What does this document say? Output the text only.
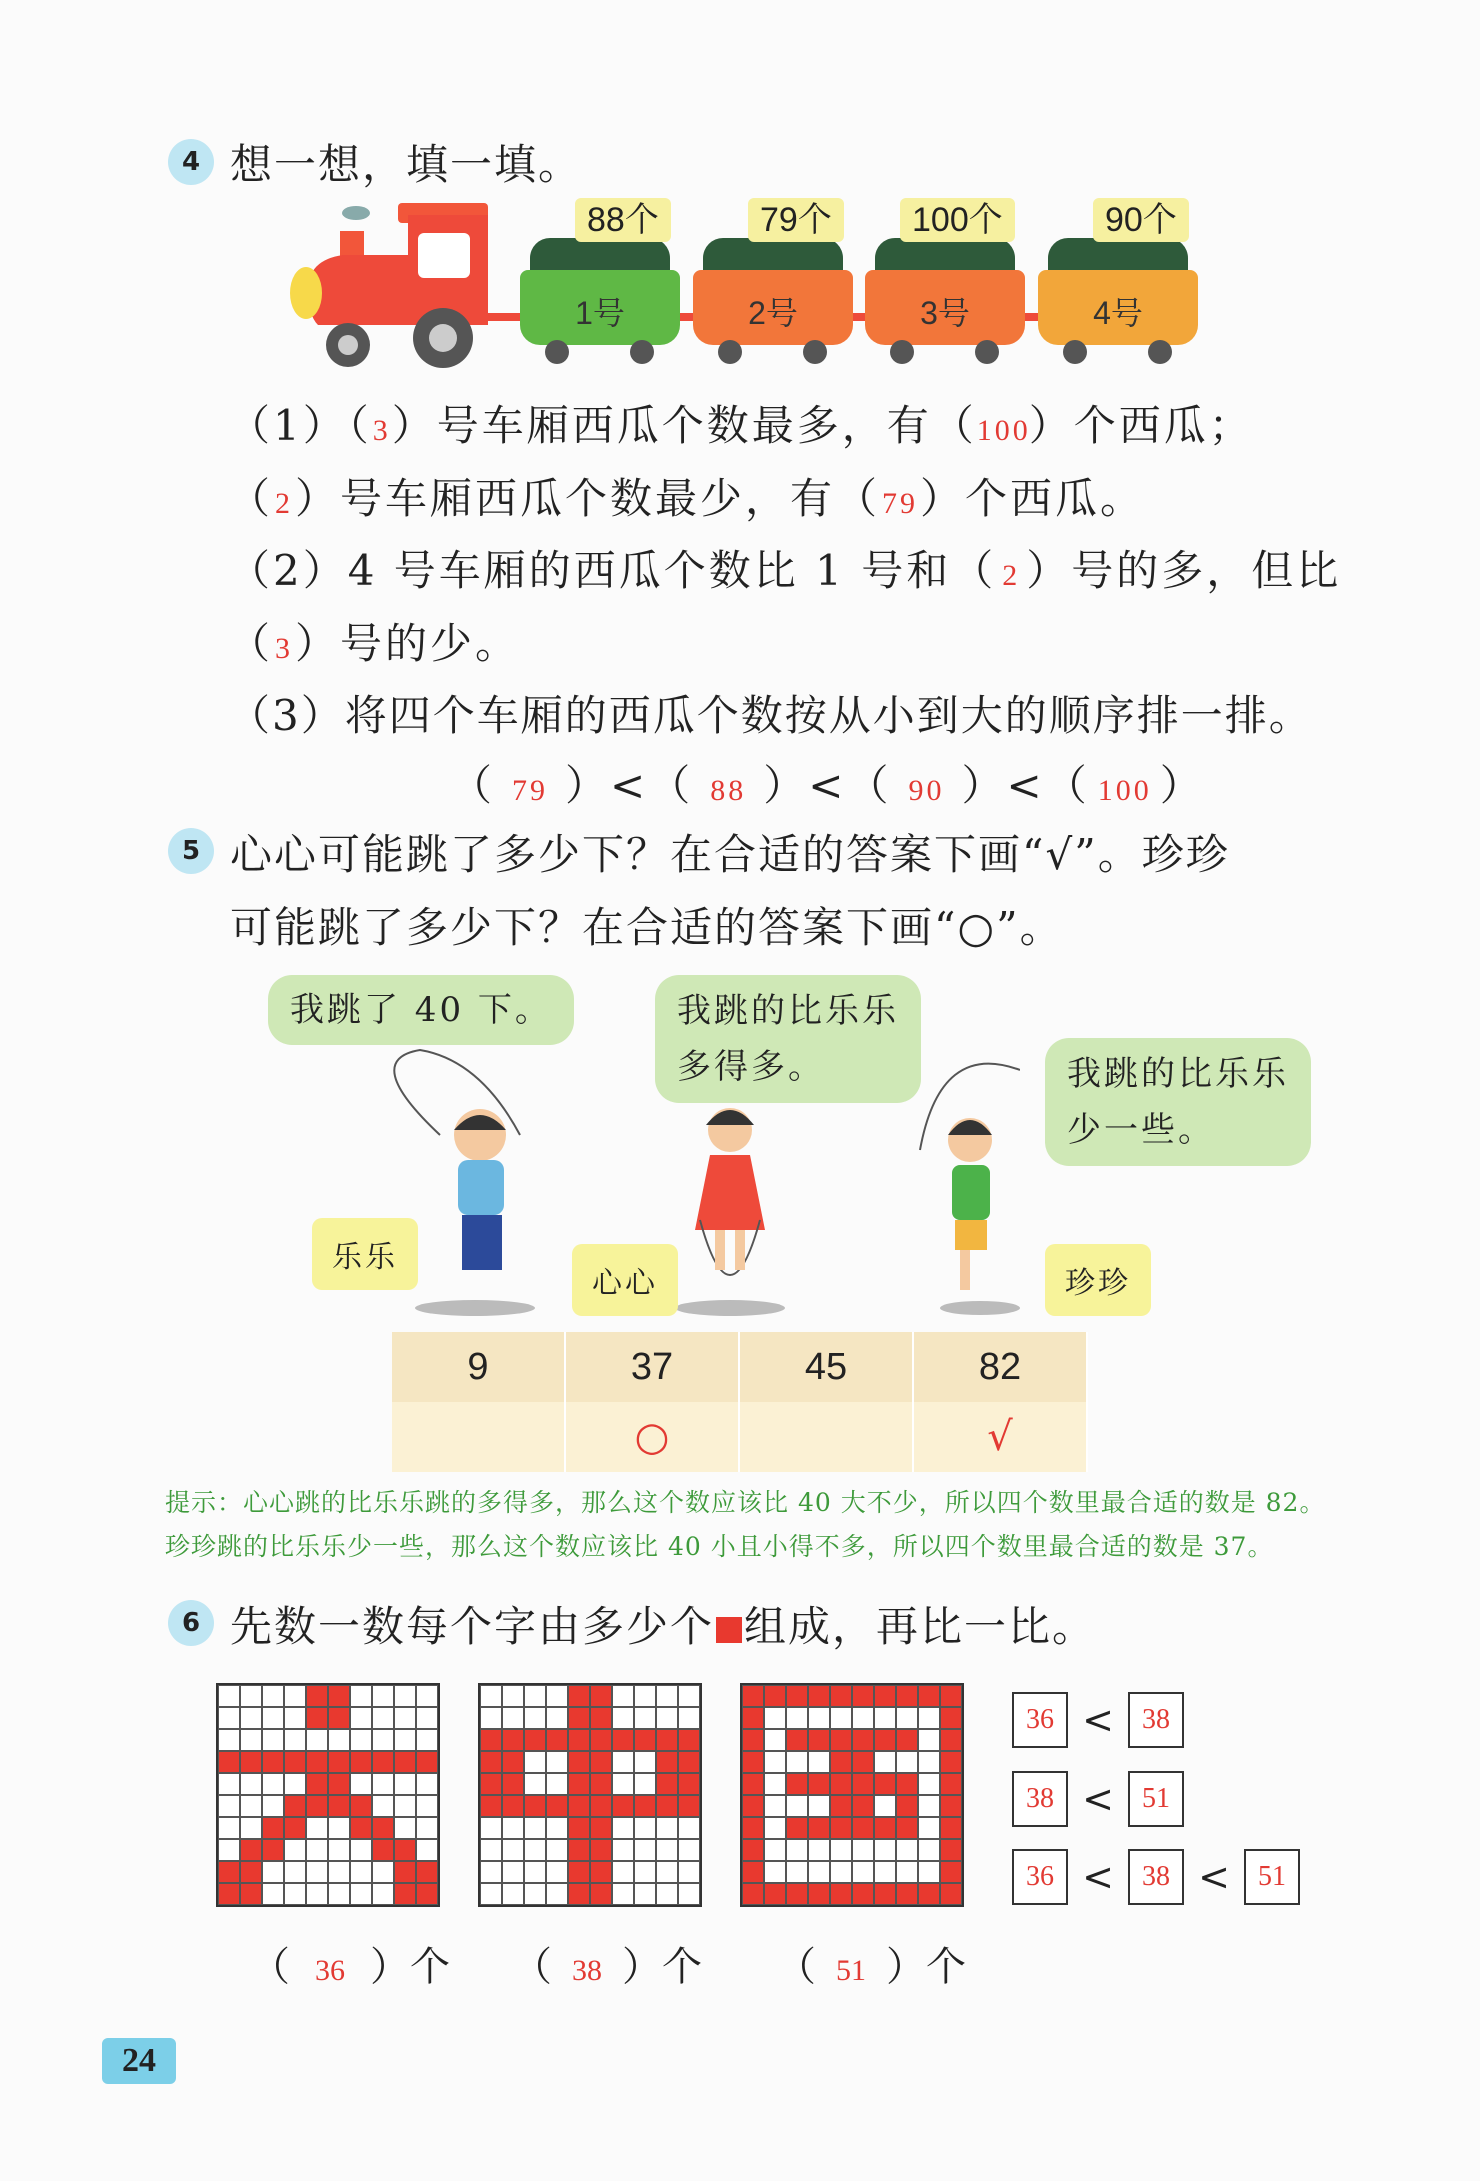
4 想一想，填一填。
1号
88个
2号
79个
3号
100个
4号
90个
（1）（3）号车厢西瓜个数最多，有（100）个西瓜；
（2）号车厢西瓜个数最少，有（79）个西瓜。
（2）4 号车厢的西瓜个数比 1 号和（ 2 ）号的多，但比
（3）号的少。
（3）将四个车厢的西瓜个数按从小到大的顺序排一排。
（ 79 ）<（ 88 ）<（ 90 ）<（ 100 ）
5 心心可能跳了多少下？在合适的答案下画“√”。珍珍
可能跳了多少下？在合适的答案下画“○”。
我跳了 40 下。	我跳的比乐乐
多得多。	我跳的比乐乐
少一些。
乐乐
心心	珍珍
9	37	45	82
	○		√
提示：心心跳的比乐乐跳的多得多，那么这个数应该比 40 大不少，所以四个数里最合适的数是 82。
珍珍跳的比乐乐少一些，那么这个数应该比 40 小且小得不多，所以四个数里最合适的数是 37。
6 先数一数每个字由多少个 组成，再比一比。
（ 36 ）个 （ 38 ）个 （ 51 ）个
36 < 38
38 < 51
36 < 38 < 51
24
